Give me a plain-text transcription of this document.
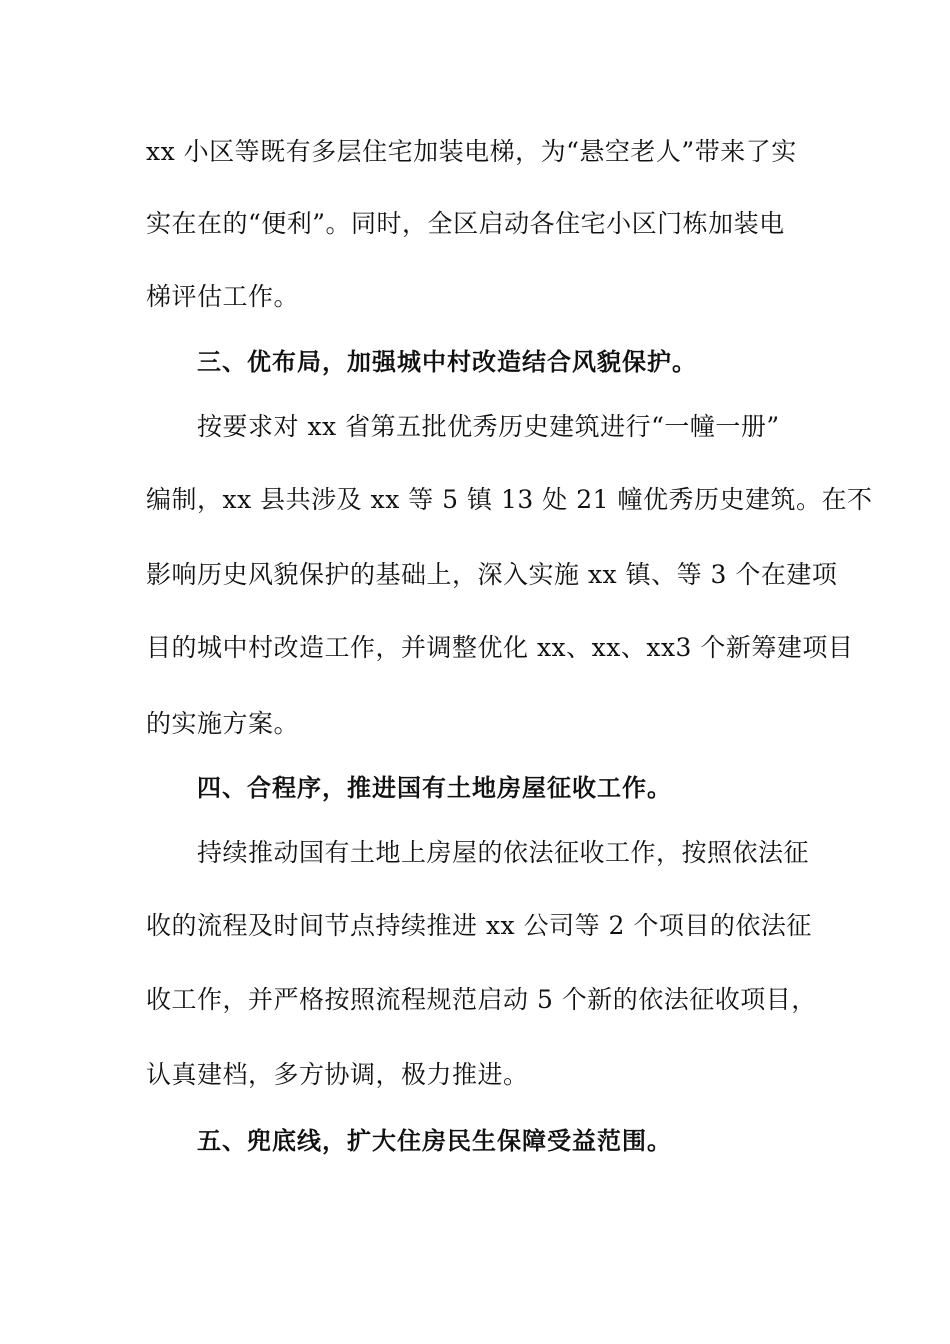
xx 小区等既有多层住宅加装电梯，为“悬空老人”带来了实
实在在的“便利”。同时，全区启动各住宅小区门栋加装电
梯评估工作。
三、优布局，加强城中村改造结合风貌保护。
按要求对 xx 省第五批优秀历史建筑进行“一幢一册”
编制，xx 县共涉及 xx 等 5 镇 13 处 21 幢优秀历史建筑。在不
影响历史风貌保护的基础上，深入实施 xx 镇、等 3 个在建项
目的城中村改造工作，并调整优化 xx、xx、xx3 个新筹建项目
的实施方案。
四、合程序，推进国有土地房屋征收工作。
持续推动国有土地上房屋的依法征收工作，按照依法征
收的流程及时间节点持续推进 xx 公司等 2 个项目的依法征
收工作，并严格按照流程规范启动 5 个新的依法征收项目，
认真建档，多方协调，极力推进。
五、兜底线，扩大住房民生保障受益范围。
